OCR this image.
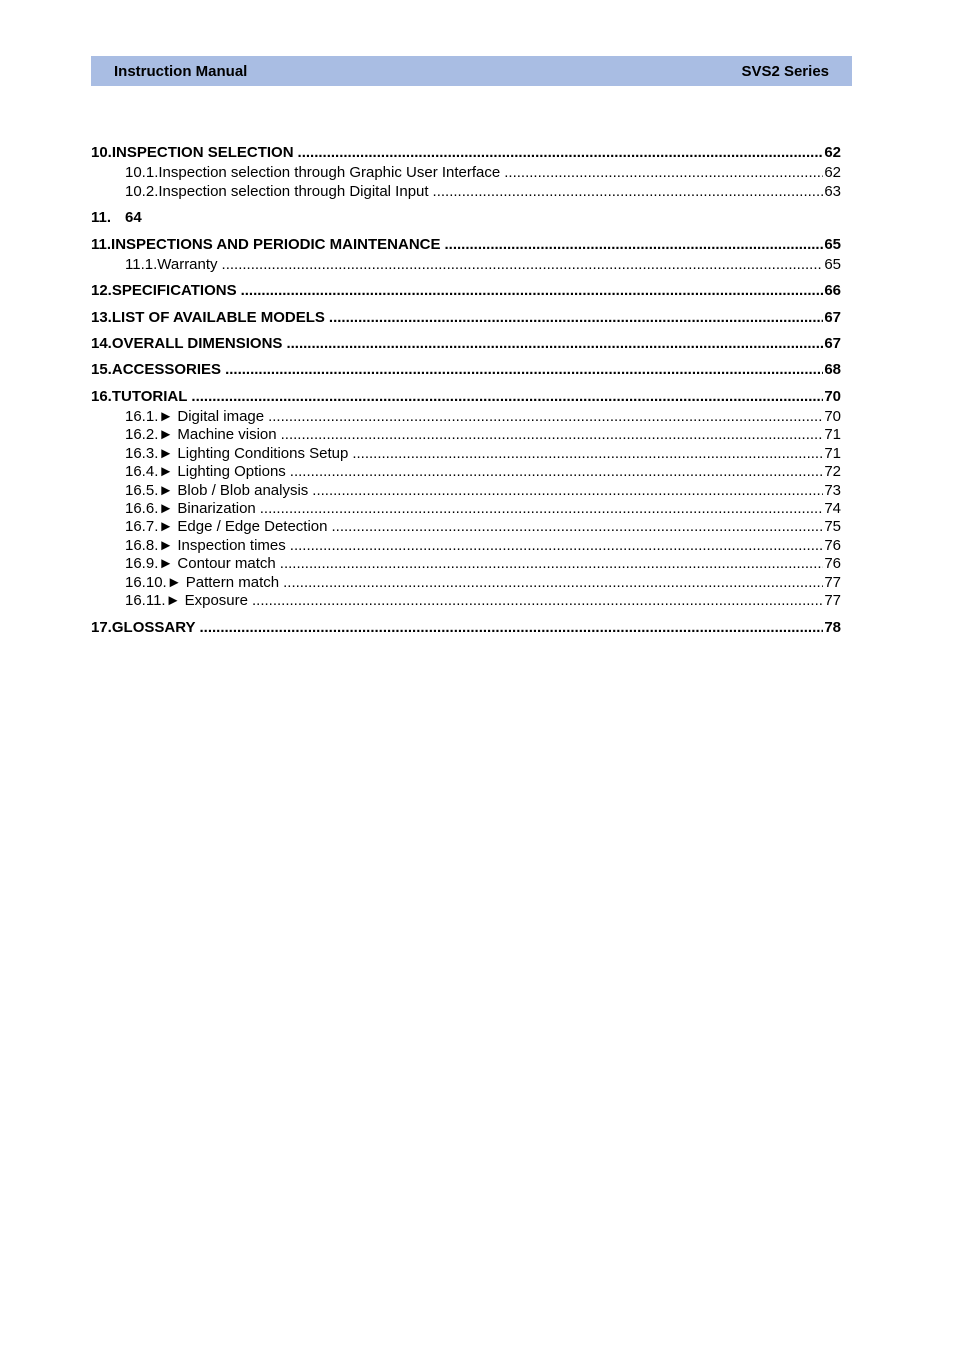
Instruction Manual	SVS2 Series
10. INSPECTION SELECTION .....	62
10.1. Inspection selection through Graphic User Interface .....	62
10.2. Inspection selection through Digital Input .....	63
11. 64
11. INSPECTIONS AND PERIODIC MAINTENANCE .....	65
11.1. Warranty .....	65
12. SPECIFICATIONS .....	66
13. LIST OF AVAILABLE MODELS .....	67
14. OVERALL DIMENSIONS .....	67
15. ACCESSORIES .....	68
16. TUTORIAL .....	70
16.1. ► Digital image .....	70
16.2. ► Machine vision .....	71
16.3. ► Lighting Conditions Setup .....	71
16.4. ► Lighting Options .....	72
16.5. ► Blob / Blob analysis .....	73
16.6. ► Binarization .....	74
16.7. ► Edge / Edge Detection .....	75
16.8. ► Inspection times .....	76
16.9. ► Contour match .....	76
16.10. ► Pattern match .....	77
16.11. ► Exposure .....	77
17. GLOSSARY .....	78
